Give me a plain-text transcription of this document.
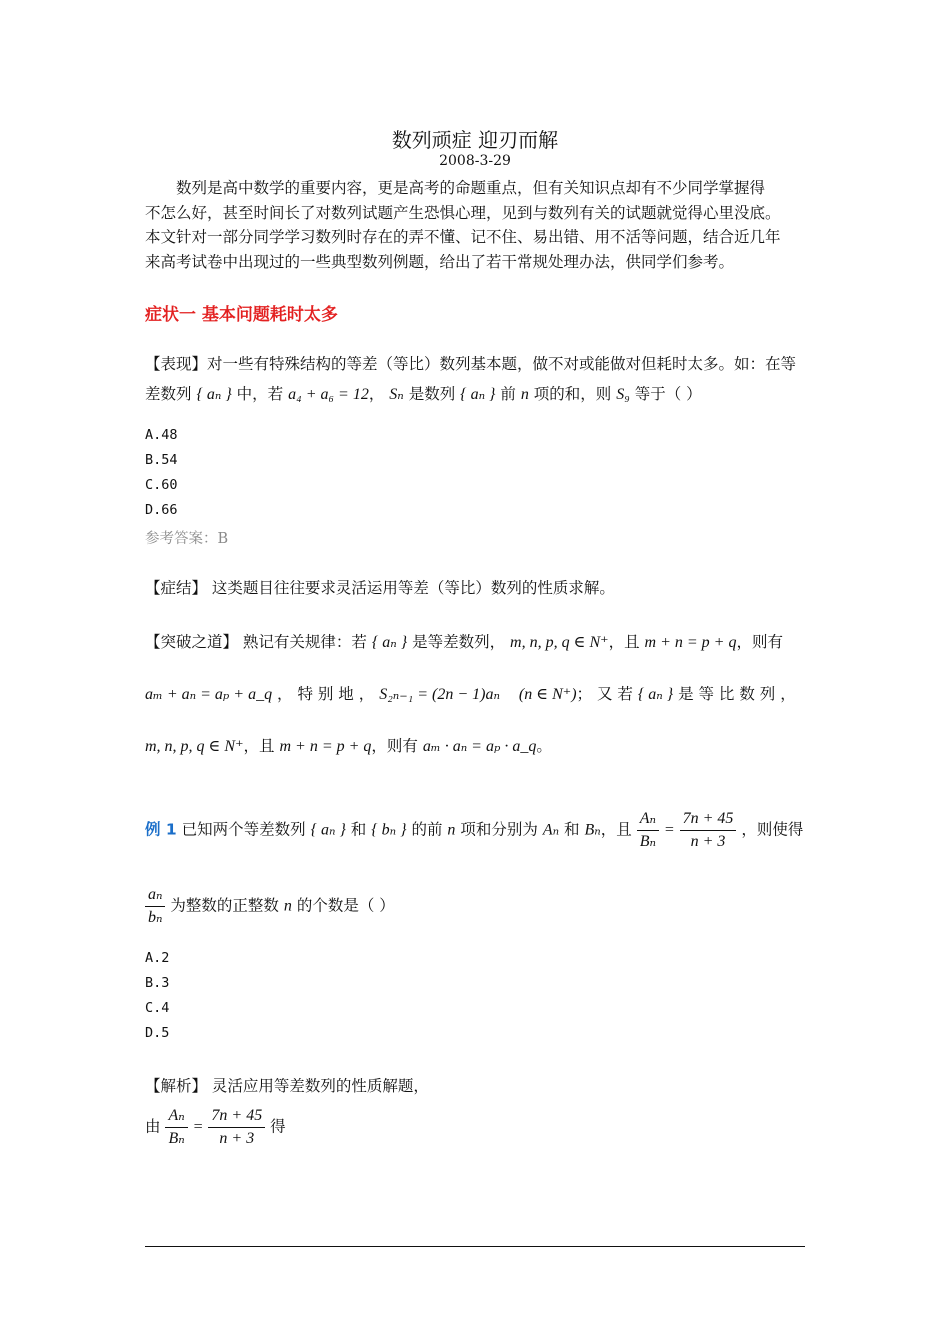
数列顽症 迎刃而解
2008-3-29

数列是高中数学的重要内容，更是高考的命题重点，但有关知识点却有不少同学掌握得

不怎么好，甚至时间长了对数列试题产生恐惧心理，见到与数列有关的试题就觉得心里没底。

本文针对一部分同学学习数列时存在的弄不懂、记不住、易出错、用不活等问题，结合近几年

来高考试卷中出现过的一些典型数列例题，给出了若干常规处理办法，供同学们参考。

症状一 基本问题耗时太多
【表现】对一些有特殊结构的等差（等比）数列基本题，做不对或能做对但耗时太多。如：在等
差数列 { aₙ } 中，若 a₄ + a₆ = 12， Sₙ 是数列 { aₙ } 前 n 项的和，则 S₉ 等于（ ）
A.48
B.54
C.60
D.66
参考答案：B
【症结】 这类题目往往要求灵活运用等差（等比）数列的性质求解。
【突破之道】 熟记有关规律：若 { aₙ } 是等差数列， m, n, p, q ∈ N⁺，且 m + n = p + q，则有
aₘ + aₙ = aₚ + a_q ， 特 别 地 ， S₂ₙ₋₁ = (2n − 1)aₙ (n ∈ N⁺)； 又 若 { aₙ } 是 等 比 数 列 ，
m, n, p, q ∈ N⁺，且 m + n = p + q，则有 aₘ · aₙ = aₚ · a_q。
例 1 已知两个等差数列 { aₙ } 和 { bₙ } 的前 n 项和分别为 Aₙ 和 Bₙ，且 $\frac{\text{Aₙ}}{\text{Bₙ}} = \frac{7n + 45}{n + 3}$ ，则使得
$\frac{\text{aₙ}}{\text{bₙ}}$ 为整数的正整数 n 的个数是（ ）
A.2
B.3
C.4
D.5
【解析】 灵活应用等差数列的性质解题，
由 $\frac{\text{Aₙ}}{\text{Bₙ}} = \frac{7n + 45}{n + 3}$ 得
